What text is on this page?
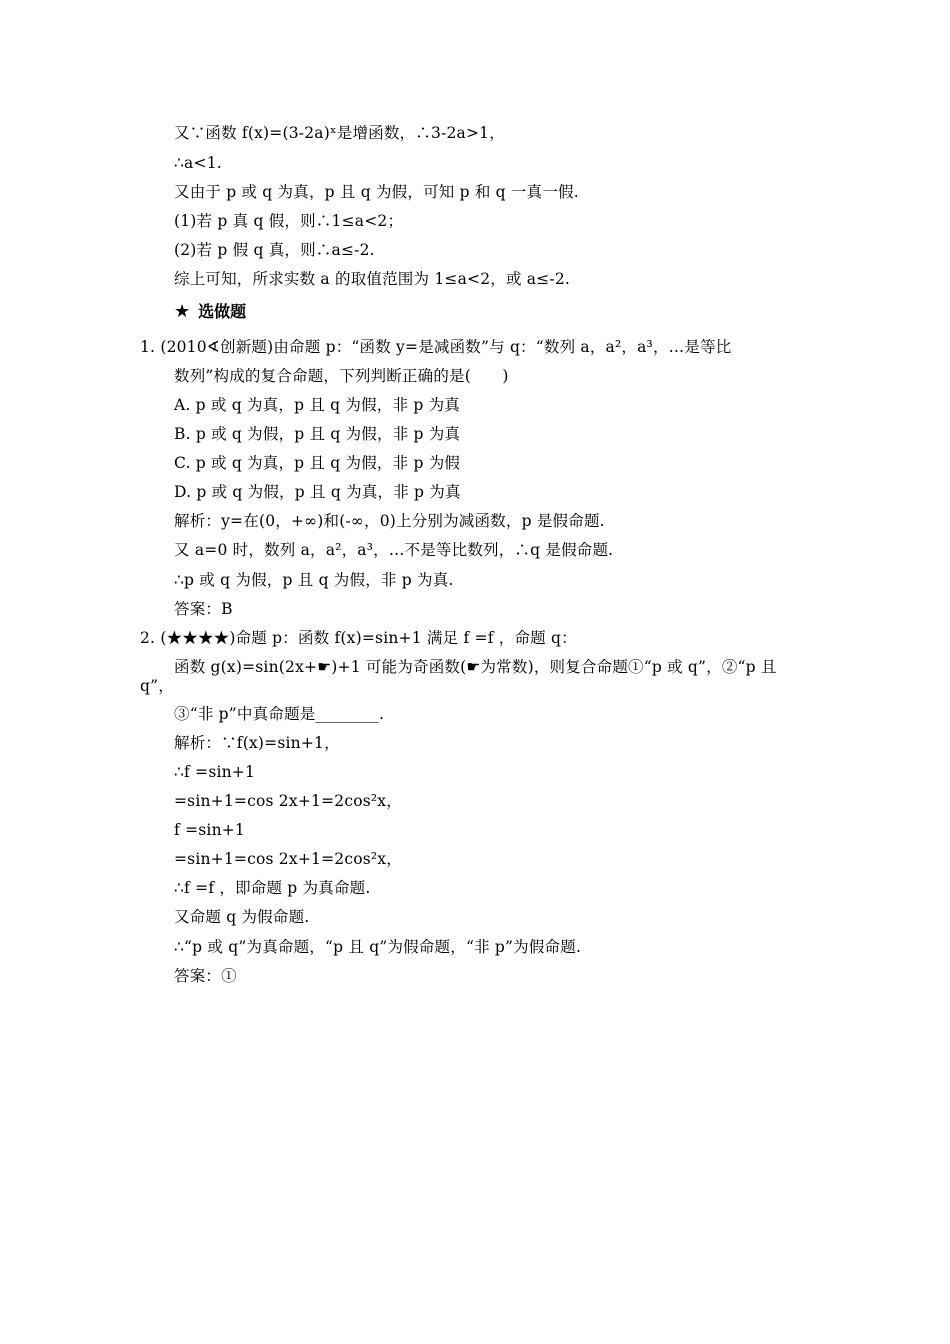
又∵函数 f(x)=(3-2a)ˣ是增函数，∴3-2a>1，
∴a<1.
又由于 p 或 q 为真，p 且 q 为假，可知 p 和 q 一真一假.
(1)若 p 真 q 假，则∴1≤a<2；
(2)若 p 假 q 真，则∴a≤-2.
综上可知，所求实数 a 的取值范围为 1≤a<2，或 a≤-2.
★ 选做题
1. (2010∢创新题)由命题 p：“函数 y=是减函数”与 q：“数列 a，a²，a³，…是等比
数列”构成的复合命题，下列判断正确的是(　　)
A. p 或 q 为真，p 且 q 为假，非 p 为真
B. p 或 q 为假，p 且 q 为假，非 p 为真
C. p 或 q 为真，p 且 q 为假，非 p 为假
D. p 或 q 为假，p 且 q 为真，非 p 为真
解析：y=在(0，+∞)和(-∞，0)上分别为减函数，p 是假命题.
又 a=0 时，数列 a，a²，a³，…不是等比数列，∴q 是假命题.
∴p 或 q 为假，p 且 q 为假，非 p 为真.
答案：B
2. (★★★★)命题 p：函数 f(x)=sin+1 满足 f =f ，命题 q：
函数 g(x)=sin(2x+☛)+1 可能为奇函数(☛为常数)，则复合命题①“p 或 q”，②“p 且
q”，
③“非 p”中真命题是________.
解析：∵f(x)=sin+1，
∴f =sin+1
=sin+1=cos 2x+1=2cos²x，
f =sin+1
=sin+1=cos 2x+1=2cos²x，
∴f =f ，即命题 p 为真命题.
又命题 q 为假命题.
∴“p 或 q”为真命题，“p 且 q”为假命题，“非 p”为假命题.
答案：①
